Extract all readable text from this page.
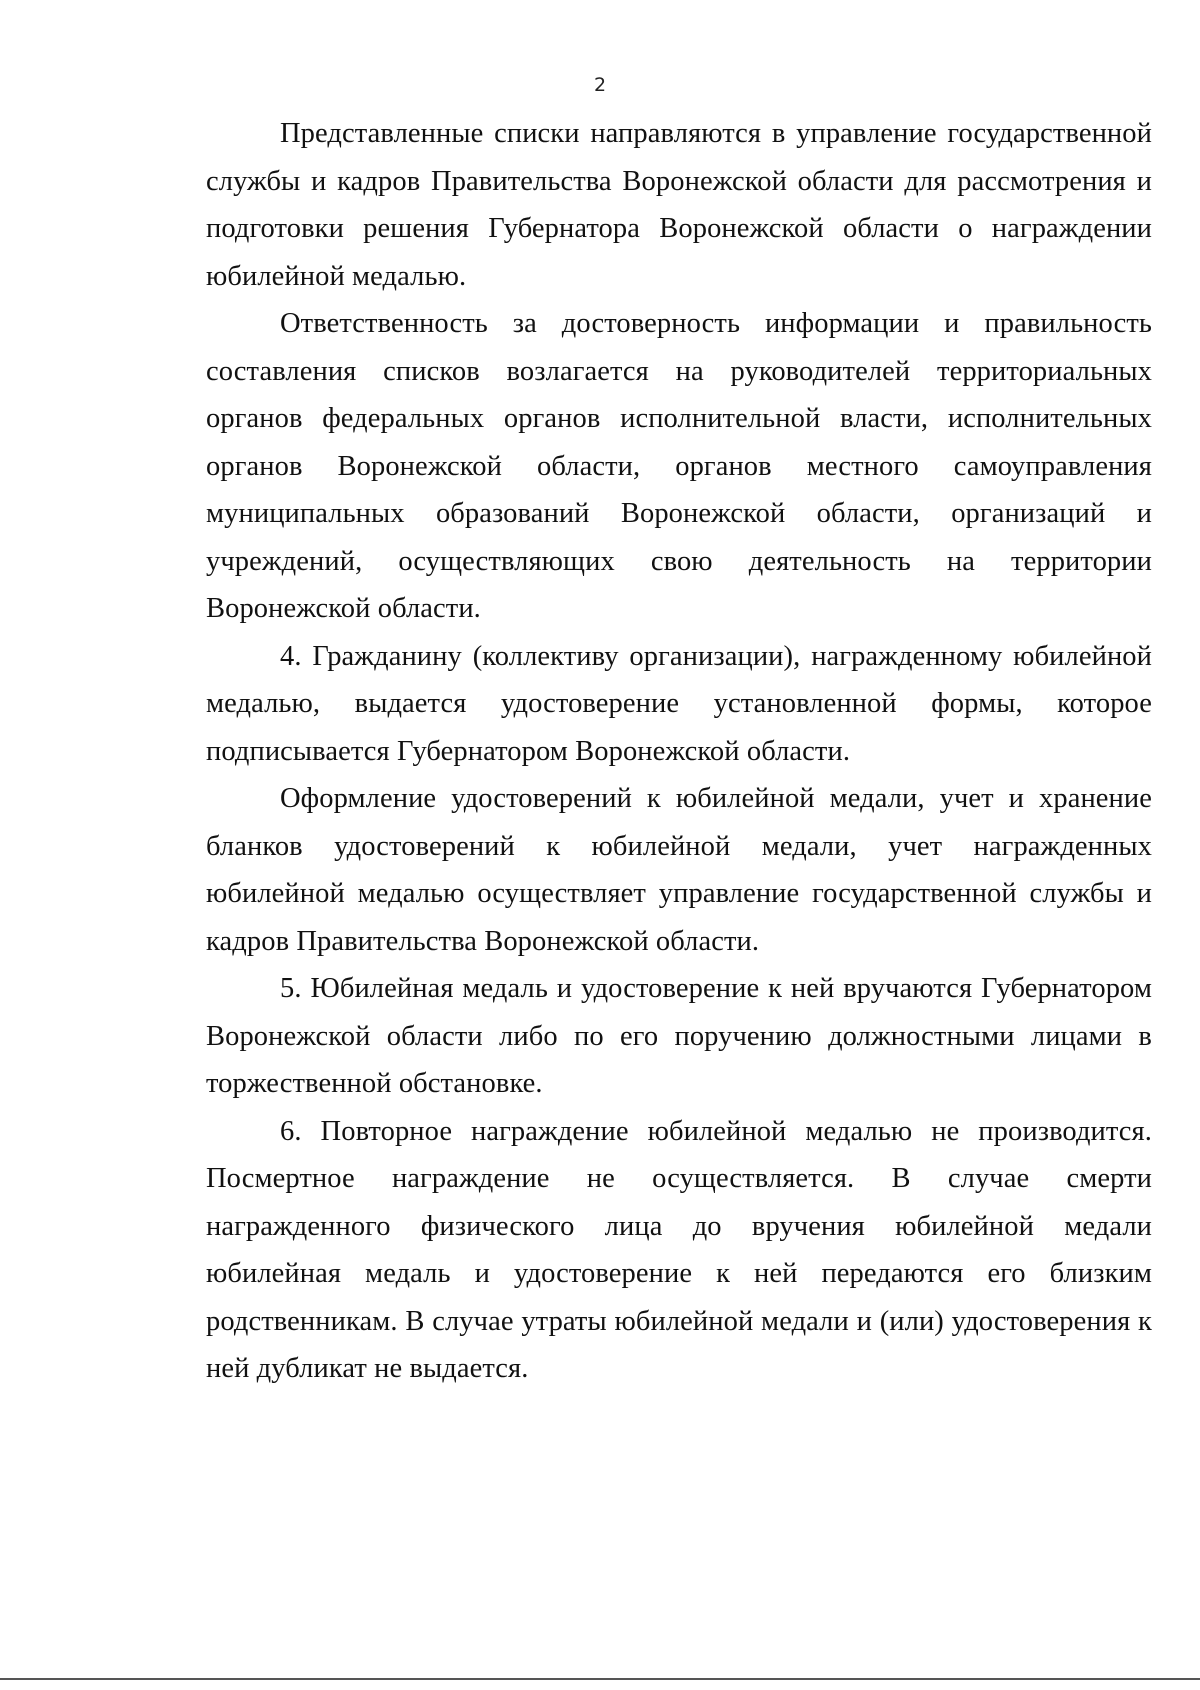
2

Представленные списки направляются в управление государственной службы и кадров Правительства Воронежской области для рассмотрения и подготовки решения Губернатора Воронежской области о награждении юбилейной медалью.

Ответственность за достоверность информации и правильность составления списков возлагается на руководителей территориальных органов федеральных органов исполнительной власти, исполнительных органов Воронежской области, органов местного самоуправления муниципальных образований Воронежской области, организаций и учреждений, осуществляющих свою деятельность на территории Воронежской области.

4. Гражданину (коллективу организации), награжденному юбилейной медалью, выдается удостоверение установленной формы, которое подписывается Губернатором Воронежской области.

Оформление удостоверений к юбилейной медали, учет и хранение бланков удостоверений к юбилейной медали, учет награжденных юбилейной медалью осуществляет управление государственной службы и кадров Правительства Воронежской области.

5. Юбилейная медаль и удостоверение к ней вручаются Губернатором Воронежской области либо по его поручению должностными лицами в торжественной обстановке.

6. Повторное награждение юбилейной медалью не производится. Посмертное награждение не осуществляется. В случае смерти награжденного физического лица до вручения юбилейной медали юбилейная медаль и удостоверение к ней передаются его близким родственникам. В случае утраты юбилейной медали и (или) удостоверения к ней дубликат не выдается.
